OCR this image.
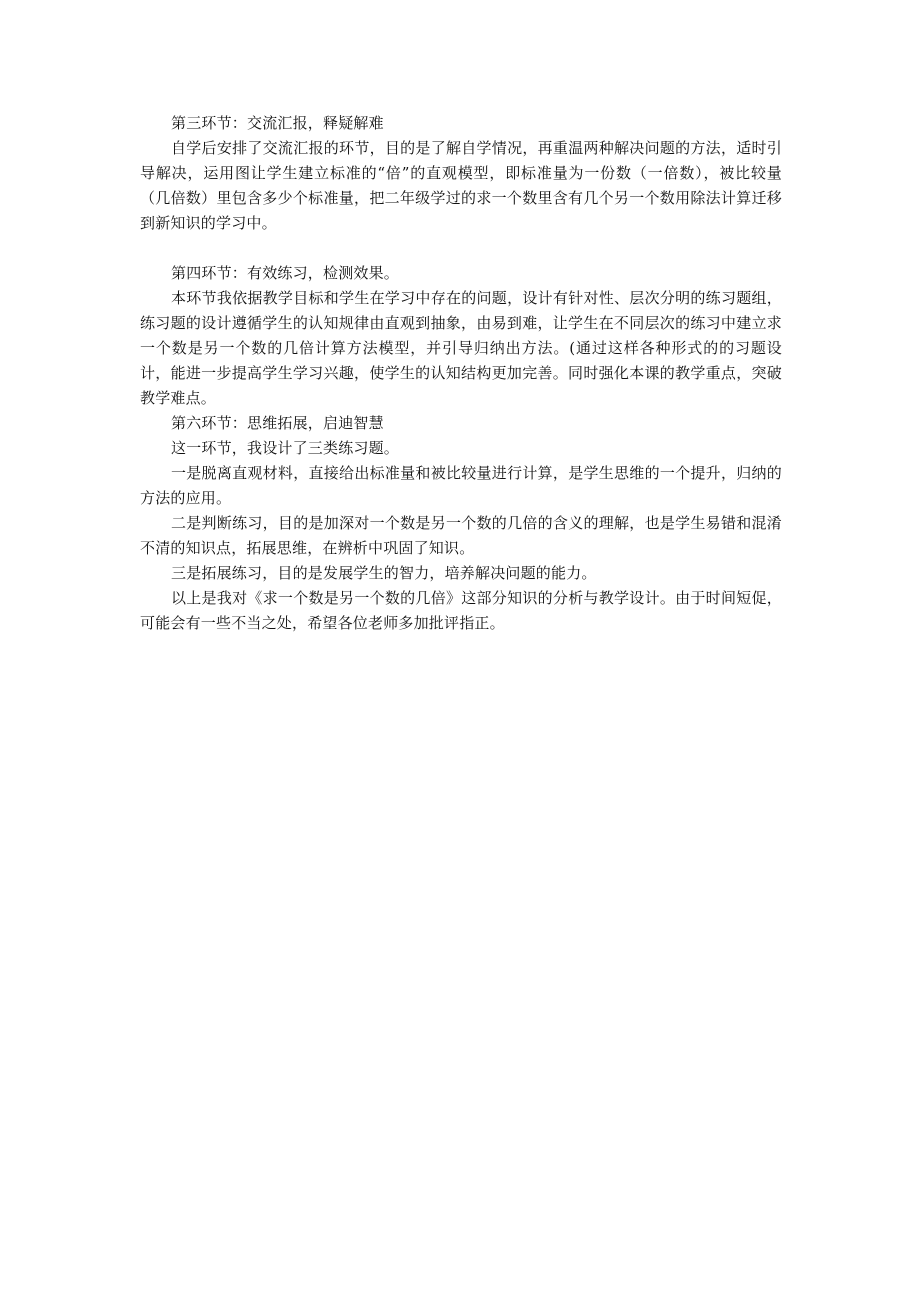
第三环节：交流汇报，释疑解难

自学后安排了交流汇报的环节，目的是了解自学情况，再重温两种解决问题的方法，适时引导解决，运用图让学生建立标准的“倍”的直观模型，即标准量为一份数（一倍数），被比较量（几倍数）里包含多少个标准量，把二年级学过的求一个数里含有几个另一个数用除法计算迁移到新知识的学习中。

第四环节：有效练习，检测效果。

本环节我依据教学目标和学生在学习中存在的问题，设计有针对性、层次分明的练习题组，练习题的设计遵循学生的认知规律由直观到抽象，由易到难，让学生在不同层次的练习中建立求一个数是另一个数的几倍计算方法模型，并引导归纳出方法。(通过这样各种形式的的习题设计，能进一步提高学生学习兴趣，使学生的认知结构更加完善。同时强化本课的教学重点，突破教学难点。

第六环节：思维拓展，启迪智慧

这一环节，我设计了三类练习题。

一是脱离直观材料，直接给出标准量和被比较量进行计算，是学生思维的一个提升，归纳的方法的应用。

二是判断练习，目的是加深对一个数是另一个数的几倍的含义的理解，也是学生易错和混淆不清的知识点，拓展思维，在辨析中巩固了知识。

三是拓展练习，目的是发展学生的智力，培养解决问题的能力。

以上是我对《求一个数是另一个数的几倍》这部分知识的分析与教学设计。由于时间短促，可能会有一些不当之处，希望各位老师多加批评指正。
